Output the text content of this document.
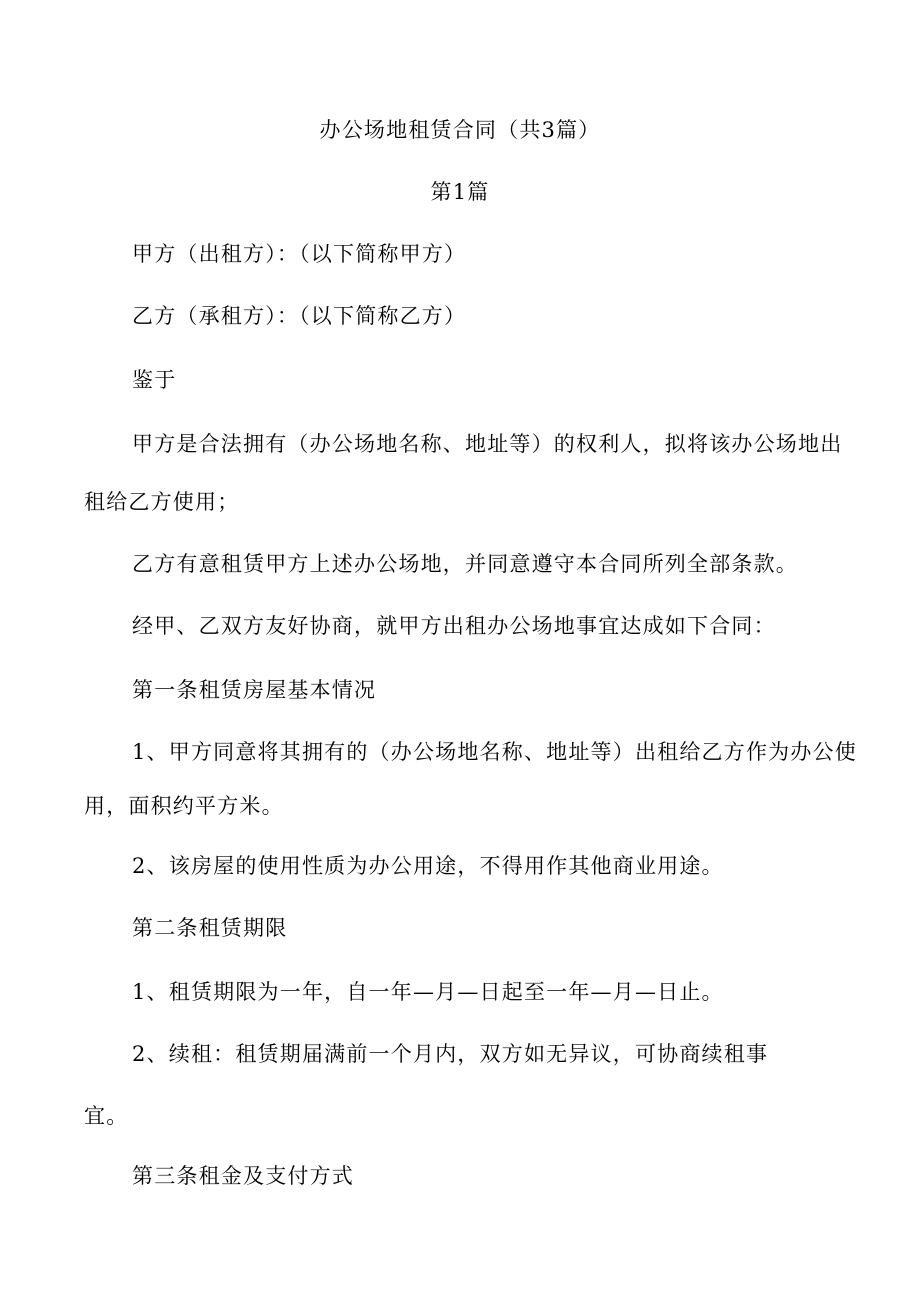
办公场地租赁合同（共3篇）
第1篇
甲方（出租方）：（以下简称甲方）
乙方（承租方）：（以下简称乙方）
鉴于
甲方是合法拥有（办公场地名称、地址等）的权利人，拟将该办公场地出
租给乙方使用；
乙方有意租赁甲方上述办公场地，并同意遵守本合同所列全部条款。
经甲、乙双方友好协商，就甲方出租办公场地事宜达成如下合同：
第一条租赁房屋基本情况
1、甲方同意将其拥有的（办公场地名称、地址等）出租给乙方作为办公使
用，面积约平方米。
2、该房屋的使用性质为办公用途，不得用作其他商业用途。
第二条租赁期限
1、租赁期限为一年，自一年—月—日起至一年—月—日止。
2、续租：租赁期届满前一个月内，双方如无异议，可协商续租事
宜。
第三条租金及支付方式
